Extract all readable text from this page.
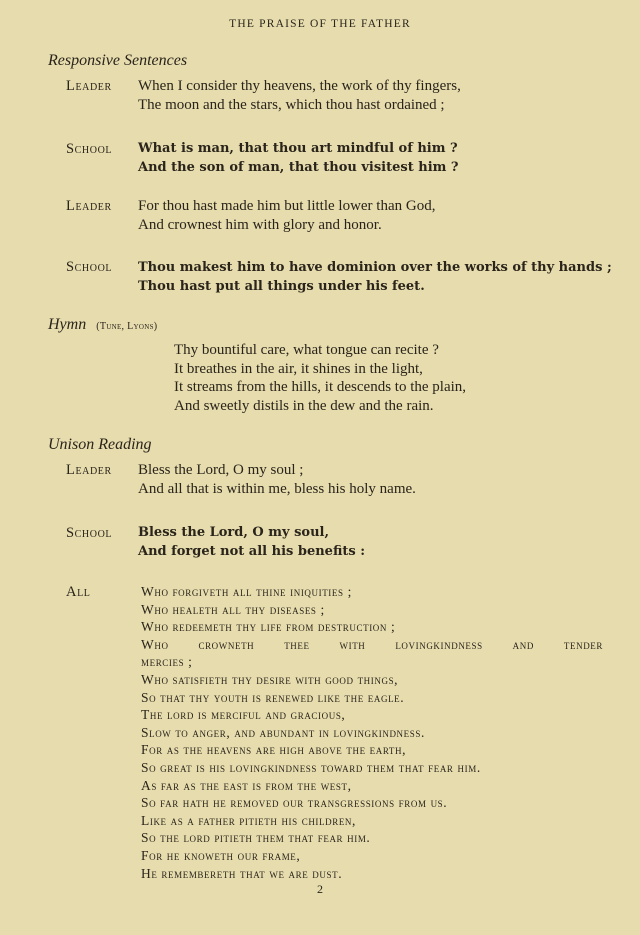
THE PRAISE OF THE FATHER
Responsive Sentences
Leader When I consider thy heavens, the work of thy fingers,
The moon and the stars, which thou hast ordained ;
School What is man, that thou art mindful of him ?
And the son of man, that thou visitest him ?
Leader For thou hast made him but little lower than God,
And crownest him with glory and honor.
School Thou makest him to have dominion over the works of thy hands ;
Thou hast put all things under his feet.
Hymn (Tune, Lyons)
Thy bountiful care, what tongue can recite ?
It breathes in the air, it shines in the light,
It streams from the hills, it descends to the plain,
And sweetly distils in the dew and the rain.
Unison Reading
Leader Bless the Lord, O my soul ;
And all that is within me, bless his holy name.
School Bless the Lord, O my soul,
And forget not all his benefits :
All	Who forgiveth all thine iniquities ;
Who healeth all thy diseases ;
Who redeemeth thy life from destruction ;
Who crowneth thee with lovingkindness and tender
mercies ;
Who satisfieth thy desire with good things,
So that thy youth is renewed like the eagle.
The lord is merciful and gracious,
Slow to anger, and abundant in lovingkindness.
For as the heavens are high above the earth,
So great is his lovingkindness toward them that fear him.
As far as the east is from the west,
So far hath he removed our transgressions from us.
Like as a father pitieth his children,
So the lord pitieth them that fear him.
For he knoweth our frame,
He remembereth that we are dust.
2
